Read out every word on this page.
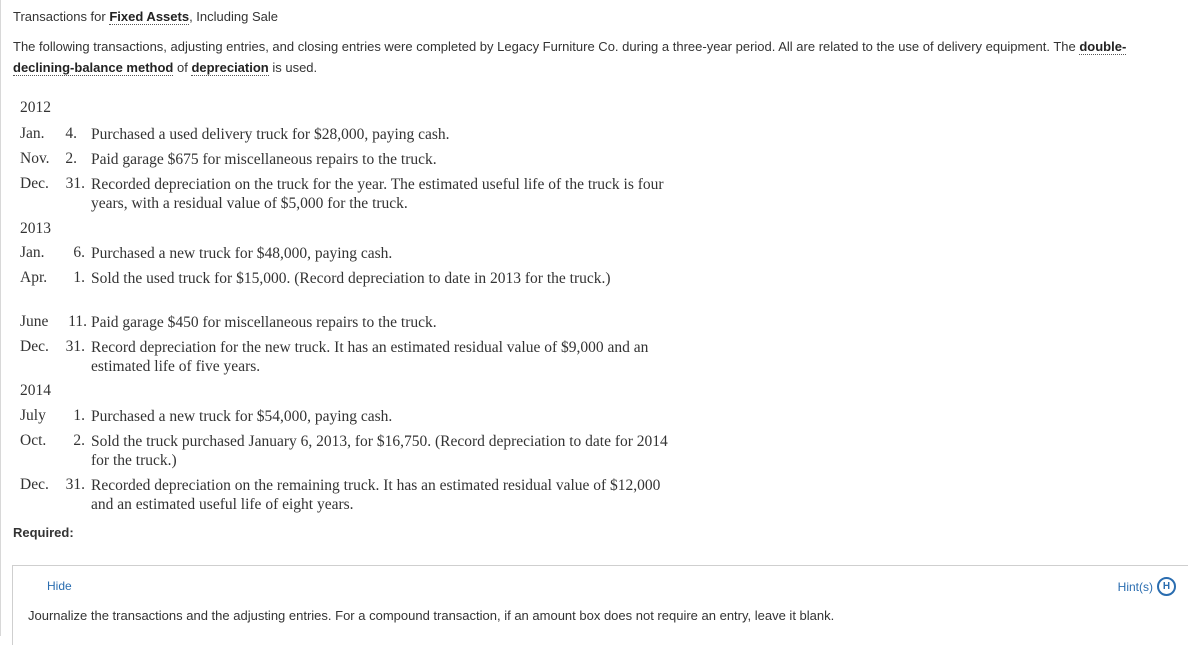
Transactions for Fixed Assets, Including Sale
The following transactions, adjusting entries, and closing entries were completed by Legacy Furniture Co. during a three-year period. All are related to the use of delivery equipment. The double-declining-balance method of depreciation is used.
2012
Jan.	4. Purchased a used delivery truck for $28,000, paying cash.
Nov.	2. Paid garage $675 for miscellaneous repairs to the truck.
Dec. 31. Recorded depreciation on the truck for the year. The estimated useful life of the truck is four years, with a residual value of $5,000 for the truck.
2013
Jan.	6. Purchased a new truck for $48,000, paying cash.
Apr.	1. Sold the used truck for $15,000. (Record depreciation to date in 2013 for the truck.)
June 11. Paid garage $450 for miscellaneous repairs to the truck.
Dec. 31. Record depreciation for the new truck. It has an estimated residual value of $9,000 and an estimated life of five years.
2014
July	1. Purchased a new truck for $54,000, paying cash.
Oct.	2. Sold the truck purchased January 6, 2013, for $16,750. (Record depreciation to date for 2014 for the truck.)
Dec. 31. Recorded depreciation on the remaining truck. It has an estimated residual value of $12,000 and an estimated useful life of eight years.
Required:
Hide	Hint(s) H
Journalize the transactions and the adjusting entries. For a compound transaction, if an amount box does not require an entry, leave it blank.
